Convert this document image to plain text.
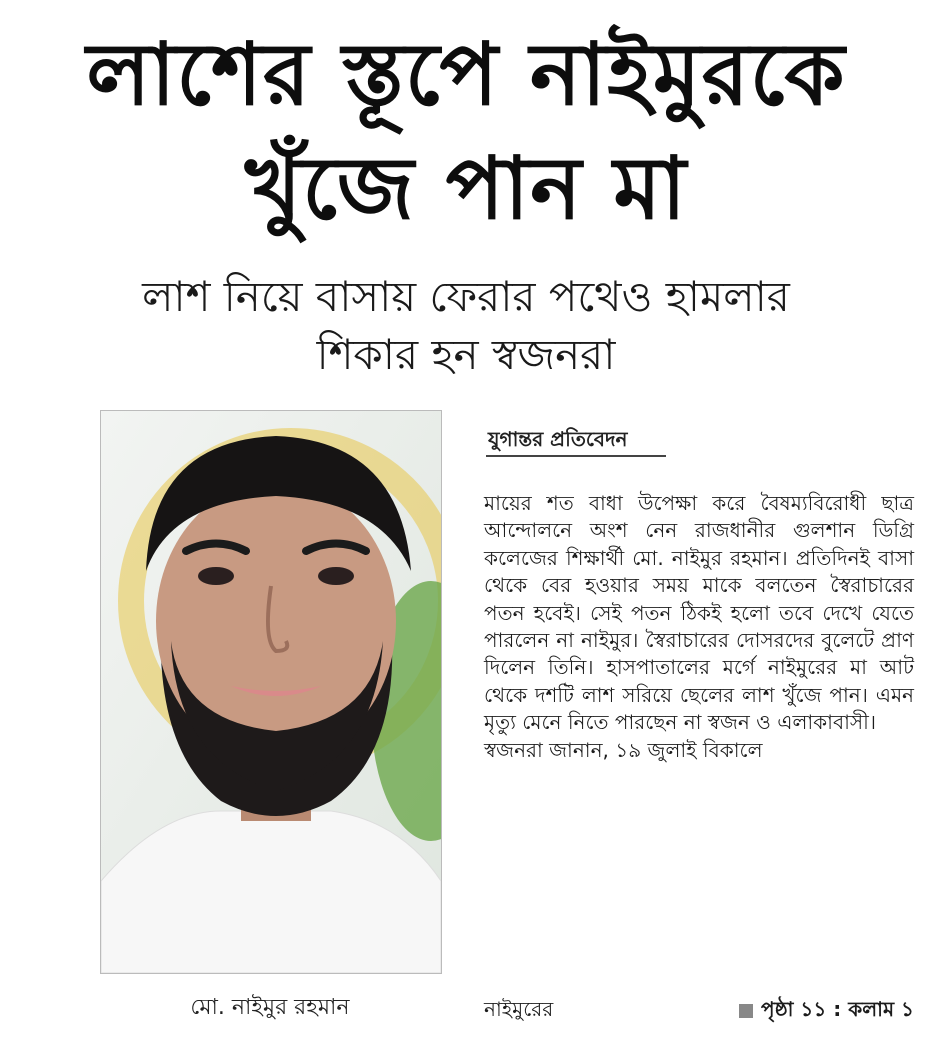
লাশের স্তূপে নাইমুরকে
খুঁজে পান মা
লাশ নিয়ে বাসায় ফেরার পথেও হামলার
শিকার হন স্বজনরা
মো. নাইমুর রহমান
যুগান্তর প্রতিবেদন

মায়ের শত বাধা উপেক্ষা করে বৈষম্যবিরোধী ছাত্র আন্দোলনে অংশ নেন রাজধানীর গুলশান ডিগ্রি কলেজের শিক্ষার্থী মো. নাইমুর রহমান। প্রতিদিনই বাসা থেকে বের হওয়ার সময় মাকে বলতেন স্বৈরাচারের পতন হবেই। সেই পতন ঠিকই হলো তবে দেখে যেতে পারলেন না নাইমুর। স্বৈরাচারের দোসরদের বুলেটে প্রাণ দিলেন তিনি। হাসপাতালের মর্গে নাইমুরের মা আট থেকে দশটি লাশ সরিয়ে ছেলের লাশ খুঁজে পান। এমন মৃত্যু মেনে নিতে পারছেন না স্বজন ও এলাকাবাসী।

স্বজনরা জানান, ১৯ জুলাই বিকালে

নাইমুরের	পৃষ্ঠা ১১ : কলাম ১
